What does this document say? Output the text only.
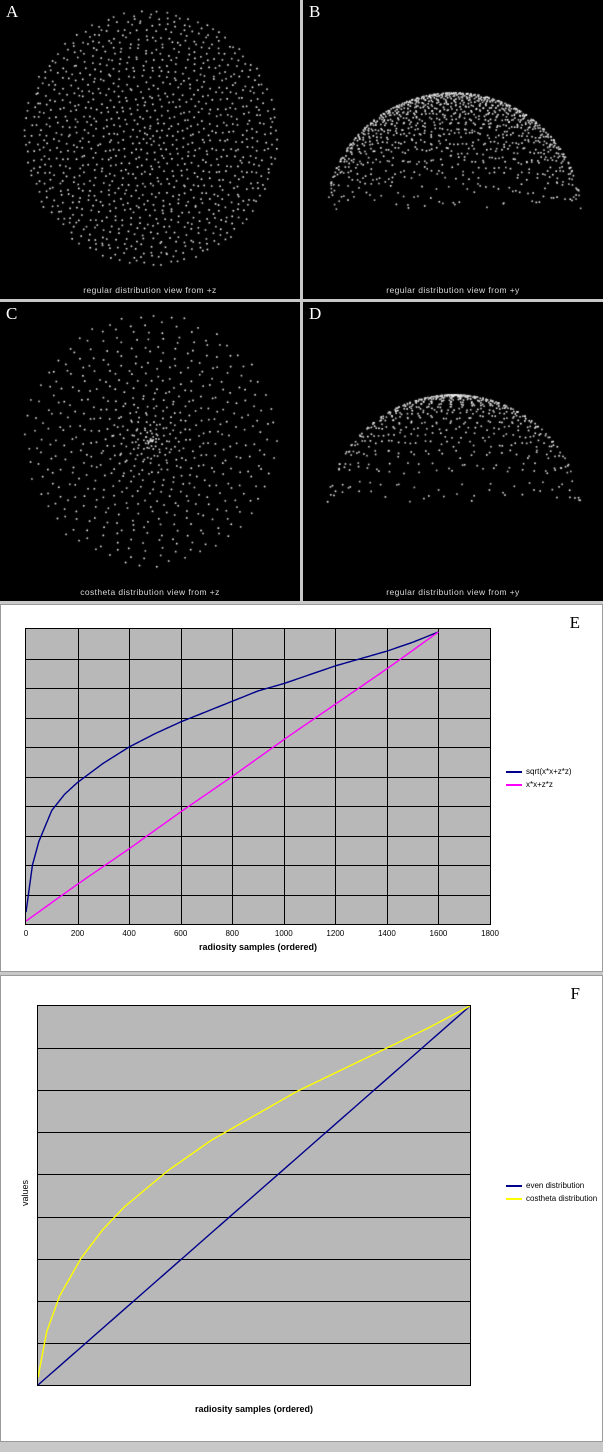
A
regular distribution view from +z
B
regular distribution view from +y
C
costheta distribution view from +z
D
regular distribution view from +y
E
0	200	400	600	800	1000	1200	1400	1600	1800
radiosity samples (ordered)
sqrt(x*x+z*z)
x*x+z*z
F
values
radiosity samples (ordered)
even distribution
costheta distribution
